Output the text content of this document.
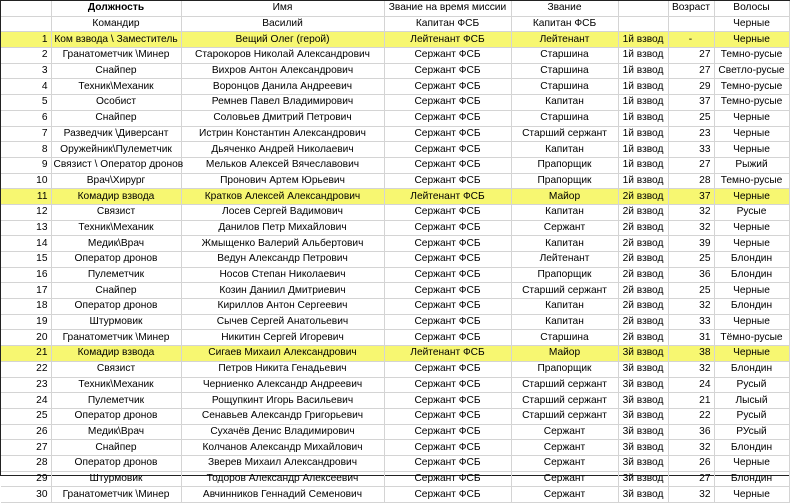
	Должность	Имя	Звание на время миссии	Звание		Возраст	Волосы
	Командир	Василий	Капитан ФСБ	Капитан ФСБ			Черные
1	Ком взвода \ Заместитель	Вещий Олег (герой)	Лейтенант ФСБ	Лейтенант	1й взвод	-	Черные
2	Гранатометчик \Минер	Старокоров Николай Александрович	Сержант ФСБ	Старшина	1й взвод	27	Темно-русые
3	Снайпер	Вихров Антон Александрович	Сержант ФСБ	Старшина	1й взвод	27	Светло-русые
4	Техник\Механик	Воронцов Данила Андреевич	Сержант ФСБ	Старшина	1й взвод	29	Темно-русые
5	Особист	Ремнев Павел Владимирович	Сержант ФСБ	Капитан	1й взвод	37	Темно-русые
6	Снайпер	Соловьев Дмитрий Петрович	Сержант ФСБ	Старшина	1й взвод	25	Черные
7	Разведчик \Диверсант	Истрин Константин Александрович	Сержант ФСБ	Старший сержант	1й взвод	23	Черные
8	Оружейник\Пулеметчик	Дьяченко Андрей Николаевич	Сержант ФСБ	Капитан	1й взвод	33	Черные
9	Связист \ Оператор дронов	Мельков Алексей Вячеславович	Сержант ФСБ	Прапорщик	1й взвод	27	Рыжий
10	Врач\Хирург	Пронович Артем Юрьевич	Сержант ФСБ	Прапорщик	1й взвод	28	Темно-русые
11	Комадир взвода	Кратков Алексей Александрович	Лейтенант ФСБ	Майор	2й взвод	37	Черные
12	Связист	Лосев Сергей Вадимович	Сержант ФСБ	Капитан	2й взвод	32	Русые
13	Техник\Механик	Данилов Петр Михайлович	Сержант ФСБ	Сержант	2й взвод	32	Черные
14	Медик\Врач	Жмыщенко Валерий Альбертович	Сержант ФСБ	Капитан	2й взвод	39	Черные
15	Оператор дронов	Ведун Александр Петрович	Сержант ФСБ	Лейтенант	2й взвод	25	Блондин
16	Пулеметчик	Носов Степан Николаевич	Сержант ФСБ	Прапорщик	2й взвод	36	Блондин
17	Снайпер	Козин Даниил Дмитриевич	Сержант ФСБ	Старший сержант	2й взвод	25	Черные
18	Оператор дронов	Кириллов Антон Сергеевич	Сержант ФСБ	Капитан	2й взвод	32	Блондин
19	Штурмовик	Сычев Сергей Анатольевич	Сержант ФСБ	Капитан	2й взвод	33	Черные
20	Гранатометчик \Минер	Никитин Сергей Игоревич	Сержант ФСБ	Старшина	2й взвод	31	Тёмно-русые
21	Комадир взвода	Сигаев Михаил Александрович	Лейтенант ФСБ	Майор	3й взвод	38	Черные
22	Связист	Петров Никита Генадьевич	Сержант ФСБ	Прапорщик	3й взвод	32	Блондин
23	Техник\Механик	Черниенко Александр Андреевич	Сержант ФСБ	Старший сержант	3й взвод	24	Русый
24	Пулеметчик	Рощупкинт Игорь Васильевич	Сержант ФСБ	Старший сержант	3й взвод	21	Лысый
25	Оператор дронов	Сенавьев Александр Григорьевич	Сержант ФСБ	Старший сержант	3й взвод	22	Русый
26	Медик\Врач	Сухачёв Денис Владимирович	Сержант ФСБ	Сержант	3й взвод	36	РУсый
27	Снайпер	Колчанов Александр Михайлович	Сержант ФСБ	Сержант	3й взвод	32	Блондин
28	Оператор дронов	Зверев Михаил Александрович	Сержант ФСБ	Сержант	3й взвод	26	Черные
29	Штурмовик	Тодоров Александр Алексеевич	Сержант ФСБ	Сержант	3й взвод	27	Блондин
30	Гранатометчик \Минер	Авчинников Геннадий Семенович	Сержант ФСБ	Сержант	3й взвод	32	Черные
